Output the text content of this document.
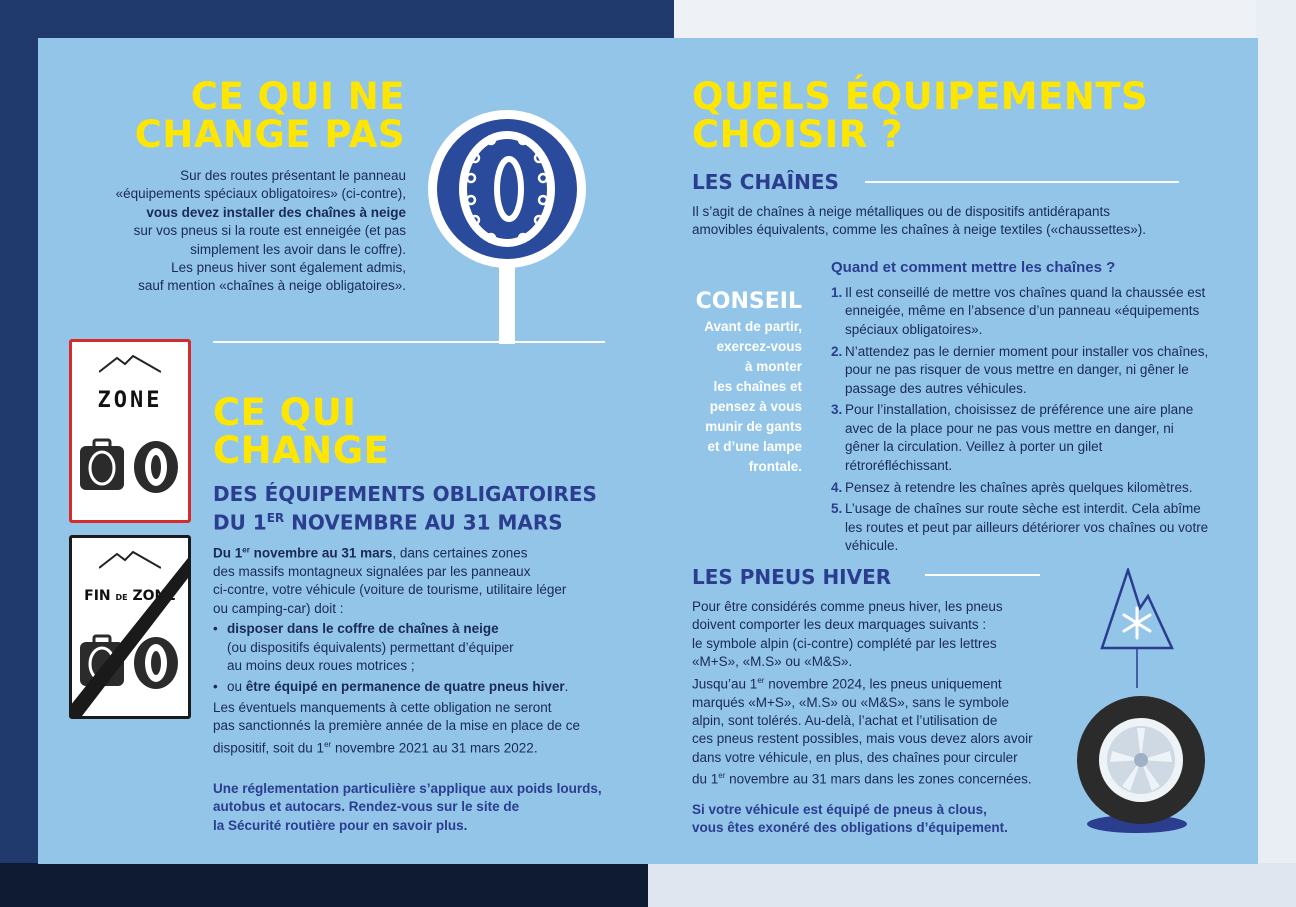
CE QUI NE
CHANGE PAS
Sur des routes présentant le panneau
«équipements spéciaux obligatoires» (ci-contre),
vous devez installer des chaînes à neige
sur vos pneus si la route est enneigée (et pas
simplement les avoir dans le coffre).
Les pneus hiver sont également admis,
sauf mention «chaînes à neige obligatoires».
ZONE
FIN DE ZONE
CE QUI
CHANGE
DES ÉQUIPEMENTS OBLIGATOIRES
DU 1ER NOVEMBRE AU 31 MARS
Du 1er novembre au 31 mars, dans certaines zones
des massifs montagneux signalées par les panneaux
ci-contre, votre véhicule (voiture de tourisme, utilitaire léger
ou camping-car) doit :
• disposer dans le coffre de chaînes à neige
(ou dispositifs équivalents) permettant d’équiper
au moins deux roues motrices ;
• ou être équipé en permanence de quatre pneus hiver.
Les éventuels manquements à cette obligation ne seront
pas sanctionnés la première année de la mise en place de ce
dispositif, soit du 1er novembre 2021 au 31 mars 2022.
Une réglementation particulière s’applique aux poids lourds,
autobus et autocars. Rendez-vous sur le site de
la Sécurité routière pour en savoir plus.
QUELS ÉQUIPEMENTS
CHOISIR ?
LES CHAÎNES
Il s’agit de chaînes à neige métalliques ou de dispositifs antidérapants
amovibles équivalents, comme les chaînes à neige textiles («chaussettes»).
Quand et comment mettre les chaînes ?
CONSEIL
Avant de partir,
exercez-vous
à monter
les chaînes et
pensez à vous
munir de gants
et d’une lampe
frontale.
1. Il est conseillé de mettre vos chaînes quand la chaussée est enneigée, même en l’absence d’un panneau «équipements spéciaux obligatoires».
2. N’attendez pas le dernier moment pour installer vos chaînes, pour ne pas risquer de vous mettre en danger, ni gêner le passage des autres véhicules.
3. Pour l’installation, choisissez de préférence une aire plane avec de la place pour ne pas vous mettre en danger, ni gêner la circulation. Veillez à porter un gilet rétroréfléchissant.
4. Pensez à retendre les chaînes après quelques kilomètres.
5. L’usage de chaînes sur route sèche est interdit. Cela abîme les routes et peut par ailleurs détériorer vos chaînes ou votre véhicule.
LES PNEUS HIVER
Pour être considérés comme pneus hiver, les pneus
doivent comporter les deux marquages suivants :
le symbole alpin (ci-contre) complété par les lettres
«M+S», «M.S» ou «M&S».
Jusqu’au 1er novembre 2024, les pneus uniquement
marqués «M+S», «M.S» ou «M&S», sans le symbole
alpin, sont tolérés. Au-delà, l’achat et l’utilisation de
ces pneus restent possibles, mais vous devez alors avoir
dans votre véhicule, en plus, des chaînes pour circuler
du 1er novembre au 31 mars dans les zones concernées.
Si votre véhicule est équipé de pneus à clous,
vous êtes exonéré des obligations d’équipement.
